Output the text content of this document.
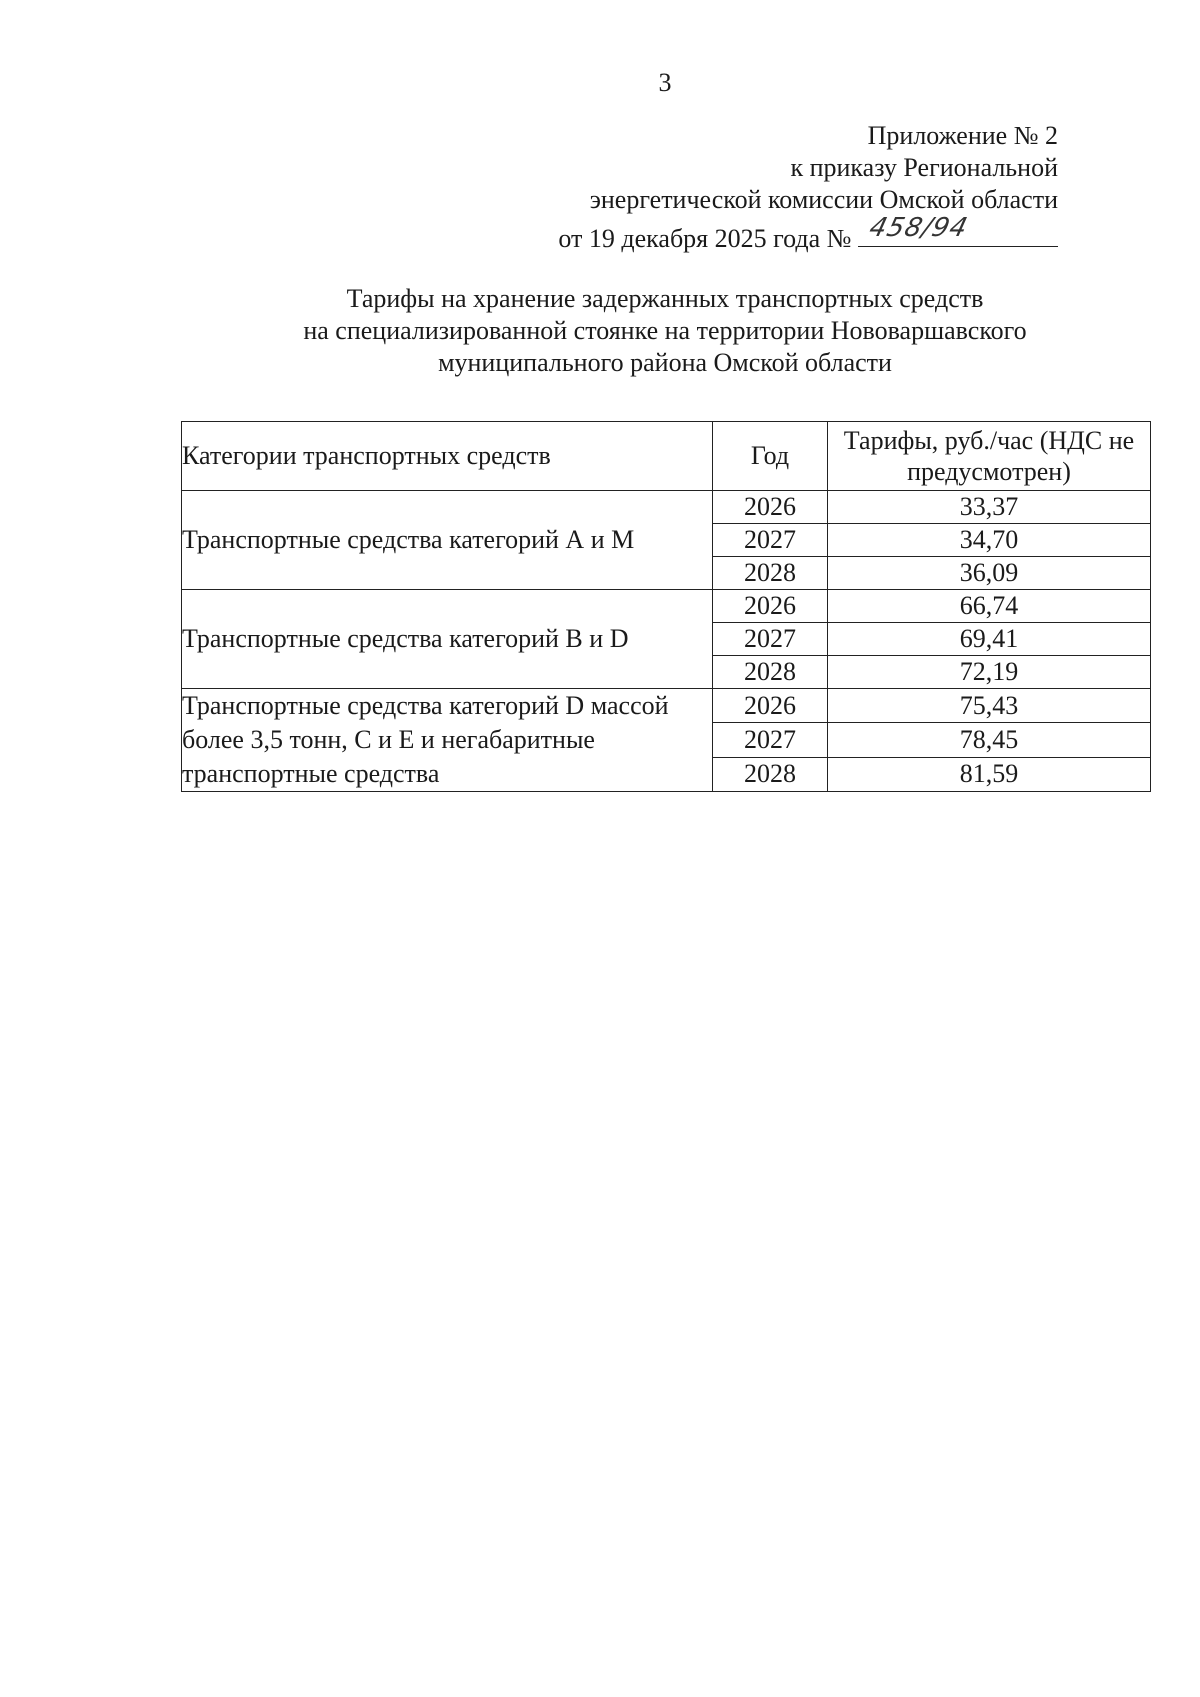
3
Приложение № 2
к приказу Региональной
энергетической комиссии Омской области
от 19 декабря 2025 года № 458/94
Тарифы на хранение задержанных транспортных средств
на специализированной стоянке на территории Нововаршавского
муниципального района Омской области
Категории транспортных средств	Год	Тарифы, руб./час (НДС не предусмотрен)
Транспортные средства категорий А и М	2026	33,37
	2027	34,70
	2028	36,09
Транспортные средства категорий В и D	2026	66,74
	2027	69,41
	2028	72,19
Транспортные средства категорий D массой более 3,5 тонн, С и Е и негабаритные транспортные средства	2026	75,43
	2027	78,45
	2028	81,59
